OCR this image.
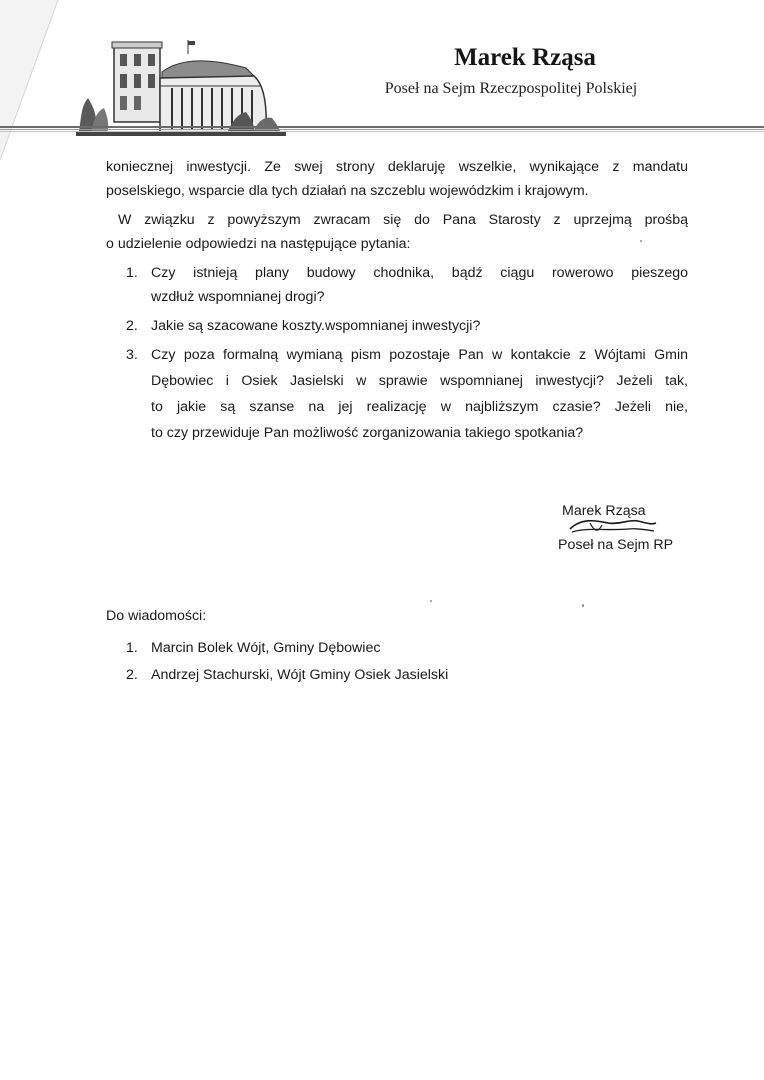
Marek Rząsa
Poseł na Sejm Rzeczpospolitej Polskiej

koniecznej inwestycji. Ze swej strony deklaruję wszelkie, wynikające z mandatu

poselskiego, wsparcie dla tych działań na szczeblu wojewódzkim i krajowym.

W związku z powyższym zwracam się do Pana Starosty z uprzejmą prośbą

o udzielenie odpowiedzi na następujące pytania:

1. Czy istnieją plany budowy chodnika, bądź ciągu rowerowo pieszego
wzdłuż wspomnianej drogi?
2. Jakie są szacowane koszty.wspomnianej inwestycji?
3. Czy poza formalną wymianą pism pozostaje Pan w kontakcie z Wójtami Gmin
Dębowiec i Osiek Jasielski w sprawie wspomnianej inwestycji? Jeżeli tak,
to jakie są szanse na jej realizację w najbliższym czasie? Jeżeli nie,
to czy przewiduje Pan możliwość zorganizowania takiego spotkania?
Marek Rząsa
Poseł na Sejm RP
Do wiadomości:
1. Marcin Bolek Wójt, Gminy Dębowiec
2. Andrzej Stachurski, Wójt Gminy Osiek Jasielski
